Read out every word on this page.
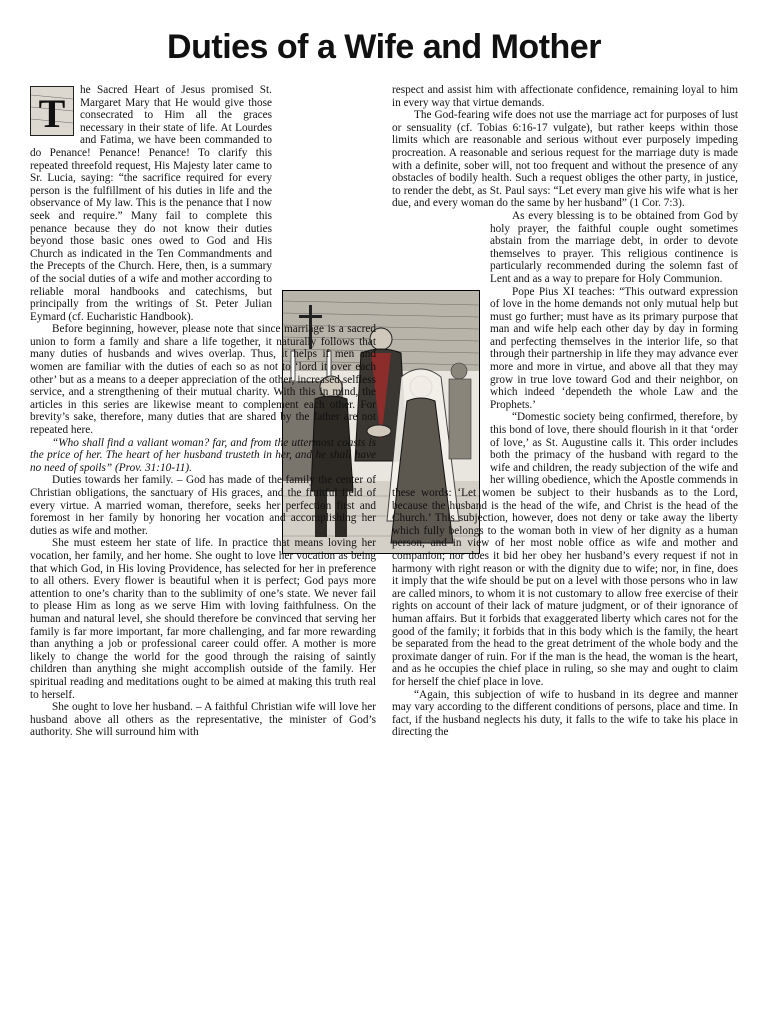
Duties of a Wife and Mother
T

he Sacred Heart of Jesus promised St. Margaret Mary that He would give those consecrated to Him all the graces necessary in their state of life. At Lourdes and Fatima, we have been commanded to do Penance! Penance! Penance! To clarify this repeated threefold request, His Majesty later came to Sr. Lucia, saying: “the sacrifice required for every person is the fulfillment of his duties in life and the observance of My law. This is the penance that I now seek and require.” Many fail to complete this penance because they do not know their duties beyond those basic ones owed to God and His Church as indicated in the Ten Commandments and the Precepts of the Church. Here, then, is a summary of the social duties of a wife and mother according to reliable moral handbooks and catechisms, but principally from the writings of St. Peter Julian Eymard (cf. Eucharistic Handbook).

Before beginning, however, please note that since marriage is a sacred union to form a family and share a life together, it naturally follows that many duties of husbands and wives overlap. Thus, it helps if men and women are familiar with the duties of each so as not to ‘lord it over each other’ but as a means to a deeper appreciation of the other, increased selfless service, and a strengthening of their mutual charity. With this in mind, the articles in this series are likewise meant to complement each other. For brevity’s sake, therefore, many duties that are shared by the father are not repeated here.

“Who shall find a valiant woman? far, and from the uttermost coasts is the price of her. The heart of her husband trusteth in her, and he shall have no need of spoils” (Prov. 31:10-11).

Duties towards her family. – God has made of the family the center of Christian obligations, the sanctuary of His graces, and the fruitful field of every virtue. A married woman, therefore, seeks her perfection first and foremost in her family by honoring her vocation and accomplishing her duties as wife and mother.

She must esteem her state of life. In practice that means loving her vocation, her family, and her home. She ought to love her vocation as being that which God, in His loving Providence, has selected for her in preference to all others. Every flower is beautiful when it is perfect; God pays more attention to one’s charity than to the sublimity of one’s state. We never fail to please Him as long as we serve Him with loving faithfulness. On the human and natural level, she should therefore be convinced that serving her family is far more important, far more challenging, and far more rewarding than anything a job or professional career could offer. A mother is more likely to change the world for the good through the raising of saintly children than anything she might accomplish outside of the family. Her spiritual reading and meditations ought to be aimed at making this truth real to herself.

She ought to love her husband. – A faithful Christian wife will love her husband above all others as the representative, the minister of God’s authority. She will surround him with

respect and assist him with affectionate confidence, remaining loyal to him in every way that virtue demands.

The God-fearing wife does not use the marriage act for purposes of lust or sensuality (cf. Tobias 6:16-17 vulgate), but rather keeps within those limits which are reasonable and serious without ever purposely impeding procreation. A reasonable and serious request for the marriage duty is made with a definite, sober will, not too frequent and without the presence of any obstacles of bodily health. Such a request obliges the other party, in justice, to render the debt, as St. Paul says: “Let every man give his wife what is her due, and every woman do the same by her husband” (1 Cor. 7:3).

As every blessing is to be obtained from God by holy prayer, the faithful couple ought sometimes abstain from the marriage debt, in order to devote themselves to prayer. This religious continence is particularly recommended during the solemn fast of Lent and as a way to prepare for Holy Communion.

Pope Pius XI teaches: “This outward expression of love in the home demands not only mutual help but must go further; must have as its primary purpose that man and wife help each other day by day in forming and perfecting themselves in the interior life, so that through their partnership in life they may advance ever more and more in virtue, and above all that they may grow in true love toward God and their neighbor, on which indeed ‘dependeth the whole Law and the Prophets.’

“Domestic society being confirmed, therefore, by this bond of love, there should flourish in it that ‘order of love,’ as St. Augustine calls it. This order includes both the primacy of the husband with regard to the wife and children, the ready subjection of the wife and her willing obedience, which the Apostle commends in these words: ‘Let women be subject to their husbands as to the Lord, because the husband is the head of the wife, and Christ is the head of the Church.’ This subjection, however, does not deny or take away the liberty which fully belongs to the woman both in view of her dignity as a human person, and in view of her most noble office as wife and mother and companion; nor does it bid her obey her husband’s every request if not in harmony with right reason or with the dignity due to wife; nor, in fine, does it imply that the wife should be put on a level with those persons who in law are called minors, to whom it is not customary to allow free exercise of their rights on account of their lack of mature judgment, or of their ignorance of human affairs. But it forbids that exaggerated liberty which cares not for the good of the family; it forbids that in this body which is the family, the heart be separated from the head to the great detriment of the whole body and the proximate danger of ruin. For if the man is the head, the woman is the heart, and as he occupies the chief place in ruling, so she may and ought to claim for herself the chief place in love.

“Again, this subjection of wife to husband in its degree and manner may vary according to the different conditions of persons, place and time. In fact, if the husband neglects his duty, it falls to the wife to take his place in directing the
